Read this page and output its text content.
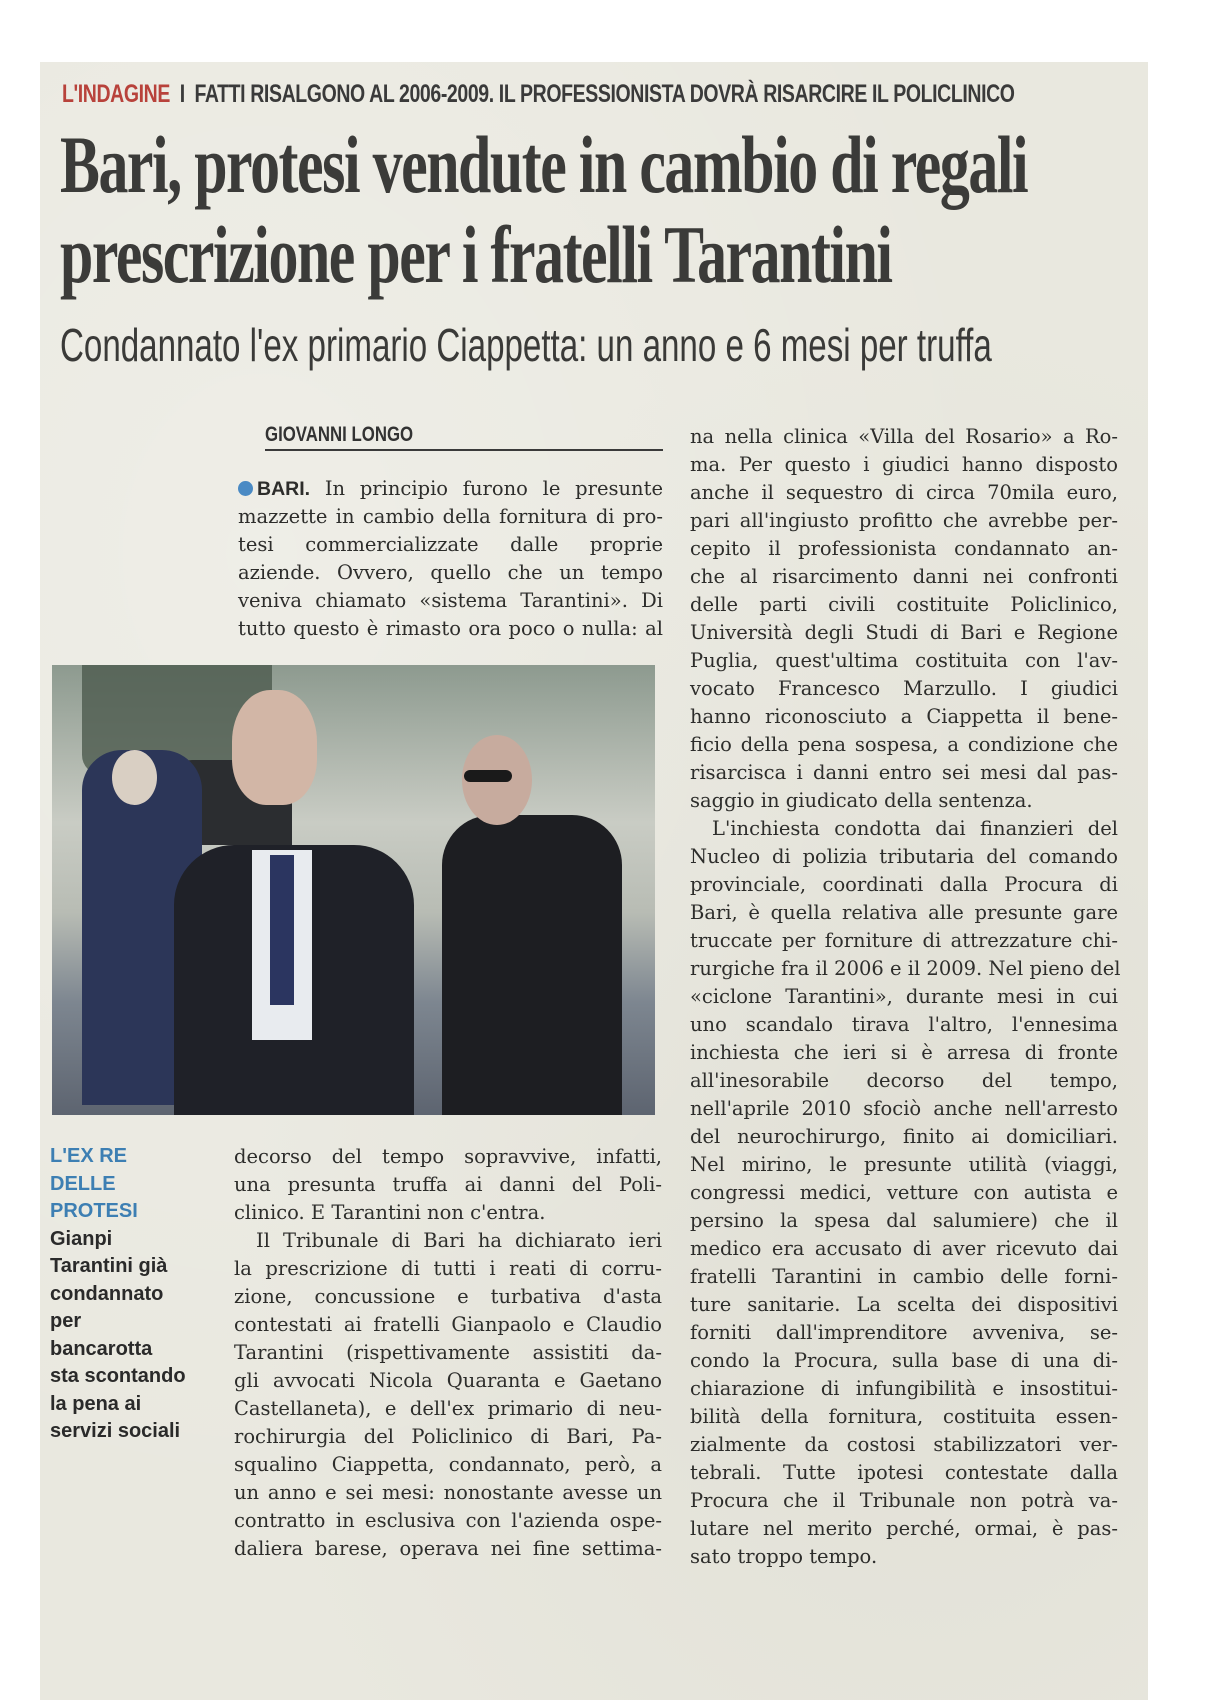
L'INDAGINE I FATTI RISALGONO AL 2006-2009. IL PROFESSIONISTA DOVRÀ RISARCIRE IL POLICLINICO
Bari, protesi vendute in cambio di regali
prescrizione per i fratelli Tarantini
Condannato l'ex primario Ciappetta: un anno e 6 mesi per truffa
GIOVANNI LONGO
BARI. In principio furono le presunte
mazzette in cambio della fornitura di pro-
tesi commercializzate dalle proprie
aziende. Ovvero, quello che un tempo
veniva chiamato «sistema Tarantini». Di
tutto questo è rimasto ora poco o nulla: al
L'EX RE
DELLE
PROTESI
Gianpi
Tarantini già
condannato
per
bancarotta
sta scontando
la pena ai
servizi sociali
decorso del tempo sopravvive, infatti,
una presunta truffa ai danni del Poli-
clinico. E Tarantini non c'entra.
Il Tribunale di Bari ha dichiarato ieri
la prescrizione di tutti i reati di corru-
zione, concussione e turbativa d'asta
contestati ai fratelli Gianpaolo e Claudio
Tarantini (rispettivamente assistiti da-
gli avvocati Nicola Quaranta e Gaetano
Castellaneta), e dell'ex primario di neu-
rochirurgia del Policlinico di Bari, Pa-
squalino Ciappetta, condannato, però, a
un anno e sei mesi: nonostante avesse un
contratto in esclusiva con l'azienda ospe-
daliera barese, operava nei fine settima-
na nella clinica «Villa del Rosario» a Ro-
ma. Per questo i giudici hanno disposto
anche il sequestro di circa 70mila euro,
pari all'ingiusto profitto che avrebbe per-
cepito il professionista condannato an-
che al risarcimento danni nei confronti
delle parti civili costituite Policlinico,
Università degli Studi di Bari e Regione
Puglia, quest'ultima costituita con l'av-
vocato Francesco Marzullo. I giudici
hanno riconosciuto a Ciappetta il bene-
ficio della pena sospesa, a condizione che
risarcisca i danni entro sei mesi dal pas-
saggio in giudicato della sentenza.
L'inchiesta condotta dai finanzieri del
Nucleo di polizia tributaria del comando
provinciale, coordinati dalla Procura di
Bari, è quella relativa alle presunte gare
truccate per forniture di attrezzature chi-
rurgiche fra il 2006 e il 2009. Nel pieno del
«ciclone Tarantini», durante mesi in cui
uno scandalo tirava l'altro, l'ennesima
inchiesta che ieri si è arresa di fronte
all'inesorabile decorso del tempo,
nell'aprile 2010 sfociò anche nell'arresto
del neurochirurgo, finito ai domiciliari.
Nel mirino, le presunte utilità (viaggi,
congressi medici, vetture con autista e
persino la spesa dal salumiere) che il
medico era accusato di aver ricevuto dai
fratelli Tarantini in cambio delle forni-
ture sanitarie. La scelta dei dispositivi
forniti dall'imprenditore avveniva, se-
condo la Procura, sulla base di una di-
chiarazione di infungibilità e insostitui-
bilità della fornitura, costituita essen-
zialmente da costosi stabilizzatori ver-
tebrali. Tutte ipotesi contestate dalla
Procura che il Tribunale non potrà va-
lutare nel merito perché, ormai, è pas-
sato troppo tempo.
